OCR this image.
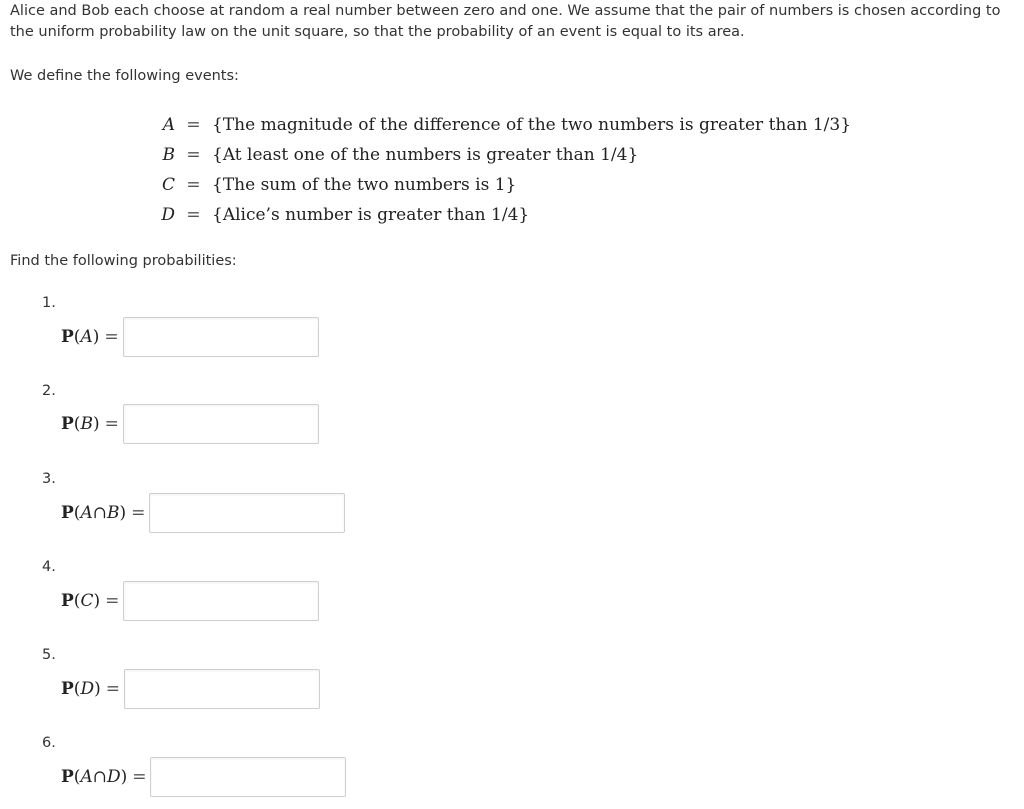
Alice and Bob each choose at random a real number between zero and one. We assume that the pair of numbers is chosen according to the uniform probability law on the unit square, so that the probability of an event is equal to its area.

We define the following events:

A = {The magnitude of the difference of the two numbers is greater than 1/3}
B = {At least one of the numbers is greater than 1/4}
C = {The sum of the two numbers is 1}
D = {Alice’s number is greater than 1/4}

Find the following probabilities:

1.
P(A) =
2.
P(B) =
3.
P(A∩B) =
4.
P(C) =
5.
P(D) =
6.
P(A∩D) =
